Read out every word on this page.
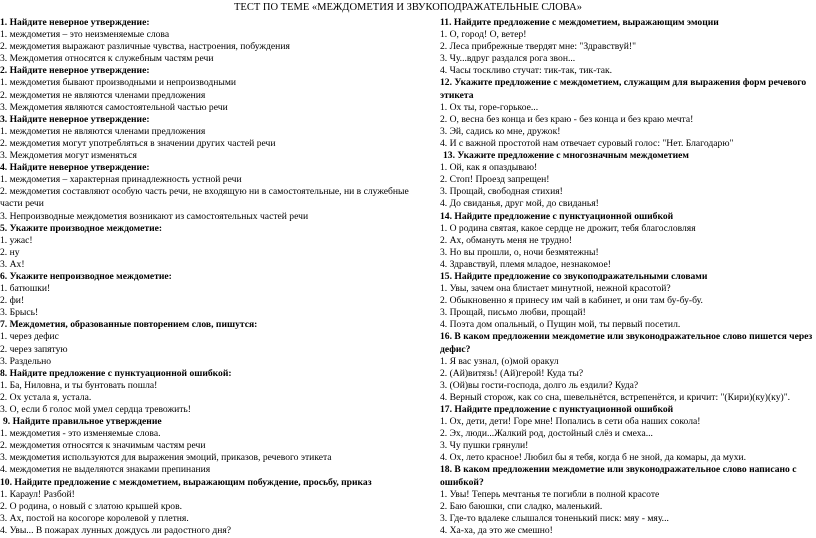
ТЕСТ ПО ТЕМЕ «МЕЖДОМЕТИЯ И ЗВУКОПОДРАЖАТЕЛЬНЫЕ СЛОВА»
1. Найдите неверное утверждение:
1. междометия – это неизменяемые слова
2. междометия выражают различные чувства, настроения, побуждения
3. Междометия относятся к служебным частям речи
2. Найдите неверное утверждение:
1. междометия бывают производными и непроизводными
2. междометия не являются членами предложения
3. Междометия являются самостоятельной частью речи
3. Найдите неверное утверждение:
1. междометия не являются членами предложения
2. междометия могут употребляться в значении других частей речи
3. Междометия могут изменяться
4. Найдите неверное утверждение:
1. междометия – характерная принадлежность устной речи
2. междометия составляют особую часть речи, не входящую ни в самостоятельные, ни в служебные части речи
3. Непроизводные междометия возникают из самостоятельных частей речи
5. Укажите производное междометие:
1. ужас!
2. ну
3. Ах!
6. Укажите непроизводное междометие:
1. батюшки!
2. фи!
3. Брысь!
7. Междометия, образованные повторением слов, пишутся:
1. через дефис
2. через запятую
3. Раздельно
8. Найдите предложение с пунктуационной ошибкой:
1. Ба, Ниловна, и ты бунтовать пошла!
2. Ох устала я, устала.
3. О, если б голос мой умел сердца тревожить!
9. Найдите правильное утверждение
1. междометия - это изменяемые слова.
2. междометия относятся к значимым частям речи
3. междометия используются для выражения эмоций, приказов, речевого этикета
4. междометия не выделяются знаками препинания
10. Найдите предложение с междометием, выражающим побуждение, просьбу, приказ
1. Караул! Разбой!
2. О родина, о новый с златою крышей кров.
3. Ах, постой на косогоре королевой у плетня.
4. Увы... В пожарах лунных дождусь ли радостного дня?
11. Найдите предложение с междометием, выражающим эмоции
1. О, город! О, ветер!
2. Леса прибрежные твердят мне: "Здравствуй!"
3. Чу...вдруг раздался рога звон...
4. Часы тоскливо стучат: тик-так, тик-так.
12. Укажите предложение с междометием, служащим для выражения форм речевого этикета
1. Ох ты, горе-горькое...
2. О, весна без конца и без краю - без конца и без краю мечта!
3. Эй, садись ко мне, дружок!
4. И с важной простотой нам отвечает суровый голос: "Нет. Благодарю"
13. Укажите предложение с многозначным междометием
1. Ой, как я опаздываю!
2. Стоп! Проезд запрещен!
3. Прощай, свободная стихия!
4. До свиданья, друг мой, до свиданья!
14. Найдите предложение с пунктуационной ошибкой
1. О родина святая, какое сердце не дрожит, тебя благословляя
2. Ах, обмануть меня не трудно!
3. Но вы прошли, о, ночи безмятежны!
4. Здравствуй, племя младое, незнакомое!
15. Найдите предложение со звукоподражательными словами
1. Увы, зачем она блистает минутной, нежной красотой?
2. Обыкновенно я принесу им чай в кабинет, и они там бу-бу-бу.
3. Прощай, письмо любви, прощай!
4. Поэта дом опальный, о Пущин мой, ты первый посетил.
16. В каком предложении междометие или звуконодражательное слово пишется через дефис?
1. Я вас узнал, (о)мой оракул
2. (Ай)витязь! (Ай)герой! Куда ты?
3. (Ой)вы гости-господа, долго ль ездили? Куда?
4. Верный сторож, как со сна, шевельнётся, встрепенётся, и кричит: "(Кири)(ку)(ку)".
17. Найдите предложение с пунктуационной ошибкой
1. Ох, дети, дети! Горе мне! Попались в сети оба наших сокола!
2. Эх, люди...Жалкий род, достойный слёз и смеха...
3. Чу пушки грянули!
4. Ох, лето красное! Любил бы я тебя, когда б не зной, да комары, да мухи.
18. В каком предложении междометие или звуконодражательное слово написано с ошибкой?
1. Увы! Теперь мечтанья те погибли в полной красоте
2. Баю баюшки, спи сладко, маленький.
3. Где-то вдалеке слышался тоненький писк: мяу - мяу...
4. Ха-ха, да это же смешно!
